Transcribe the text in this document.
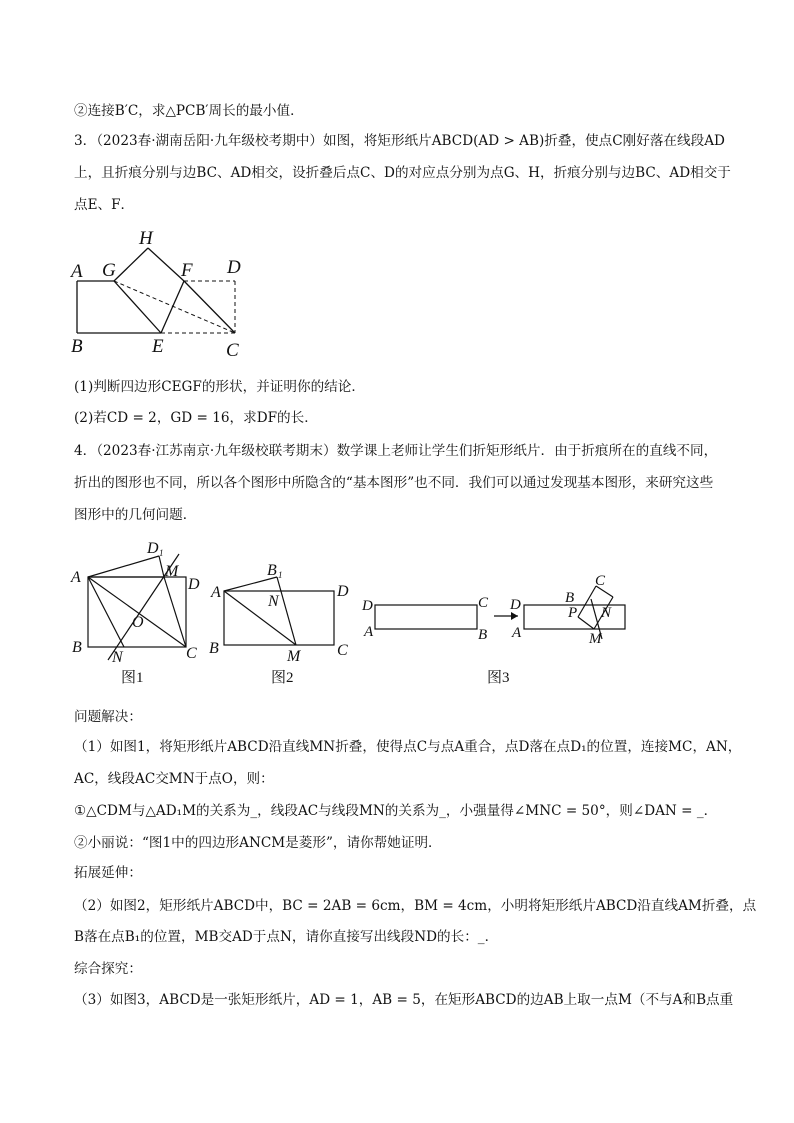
②连接B′C，求△PCB′周长的最小值．
3．（2023春·湖南岳阳·九年级校考期中）如图，将矩形纸片ABCD(AD > AB)折叠，使点C刚好落在线段AD
上，且折痕分别与边BC、AD相交，设折叠后点C、D的对应点分别为点G、H，折痕分别与边BC、AD相交于
点E、F．
A
B	C
D
E
F
G
H
(1)判断四边形CEGF的形状，并证明你的结论．
(2)若CD = 2，GD = 16，求DF的长．
4．（2023春·江苏南京·九年级校联考期末）数学课上老师让学生们折矩形纸片．由于折痕所在的直线不同，
折出的图形也不同，所以各个图形中所隐含的“基本图形”也不同．我们可以通过发现基本图形，来研究这些
图形中的几何问题．
A
B	C
D
D 1
M
N
O
图1
A
B	C
D
B 1
N
M
图2
D
A
C
B
D
A
C
B
P N
M
图3
问题解决：
（1）如图1，将矩形纸片ABCD沿直线MN折叠，使得点C与点A重合，点D落在点D₁的位置，连接MC，AN，
AC，线段AC交MN于点O，则：
①△CDM与△AD₁M的关系为_，线段AC与线段MN的关系为_，小强量得∠MNC = 50°，则∠DAN = _．
②小丽说：“图1中的四边形ANCM是菱形”，请你帮她证明．
拓展延伸：
（2）如图2，矩形纸片ABCD中，BC = 2AB = 6cm，BM = 4cm，小明将矩形纸片ABCD沿直线AM折叠，点
B落在点B₁的位置，MB交AD于点N，请你直接写出线段ND的长：_．
综合探究：
（3）如图3，ABCD是一张矩形纸片，AD = 1，AB = 5，在矩形ABCD的边AB上取一点M（不与A和B点重
